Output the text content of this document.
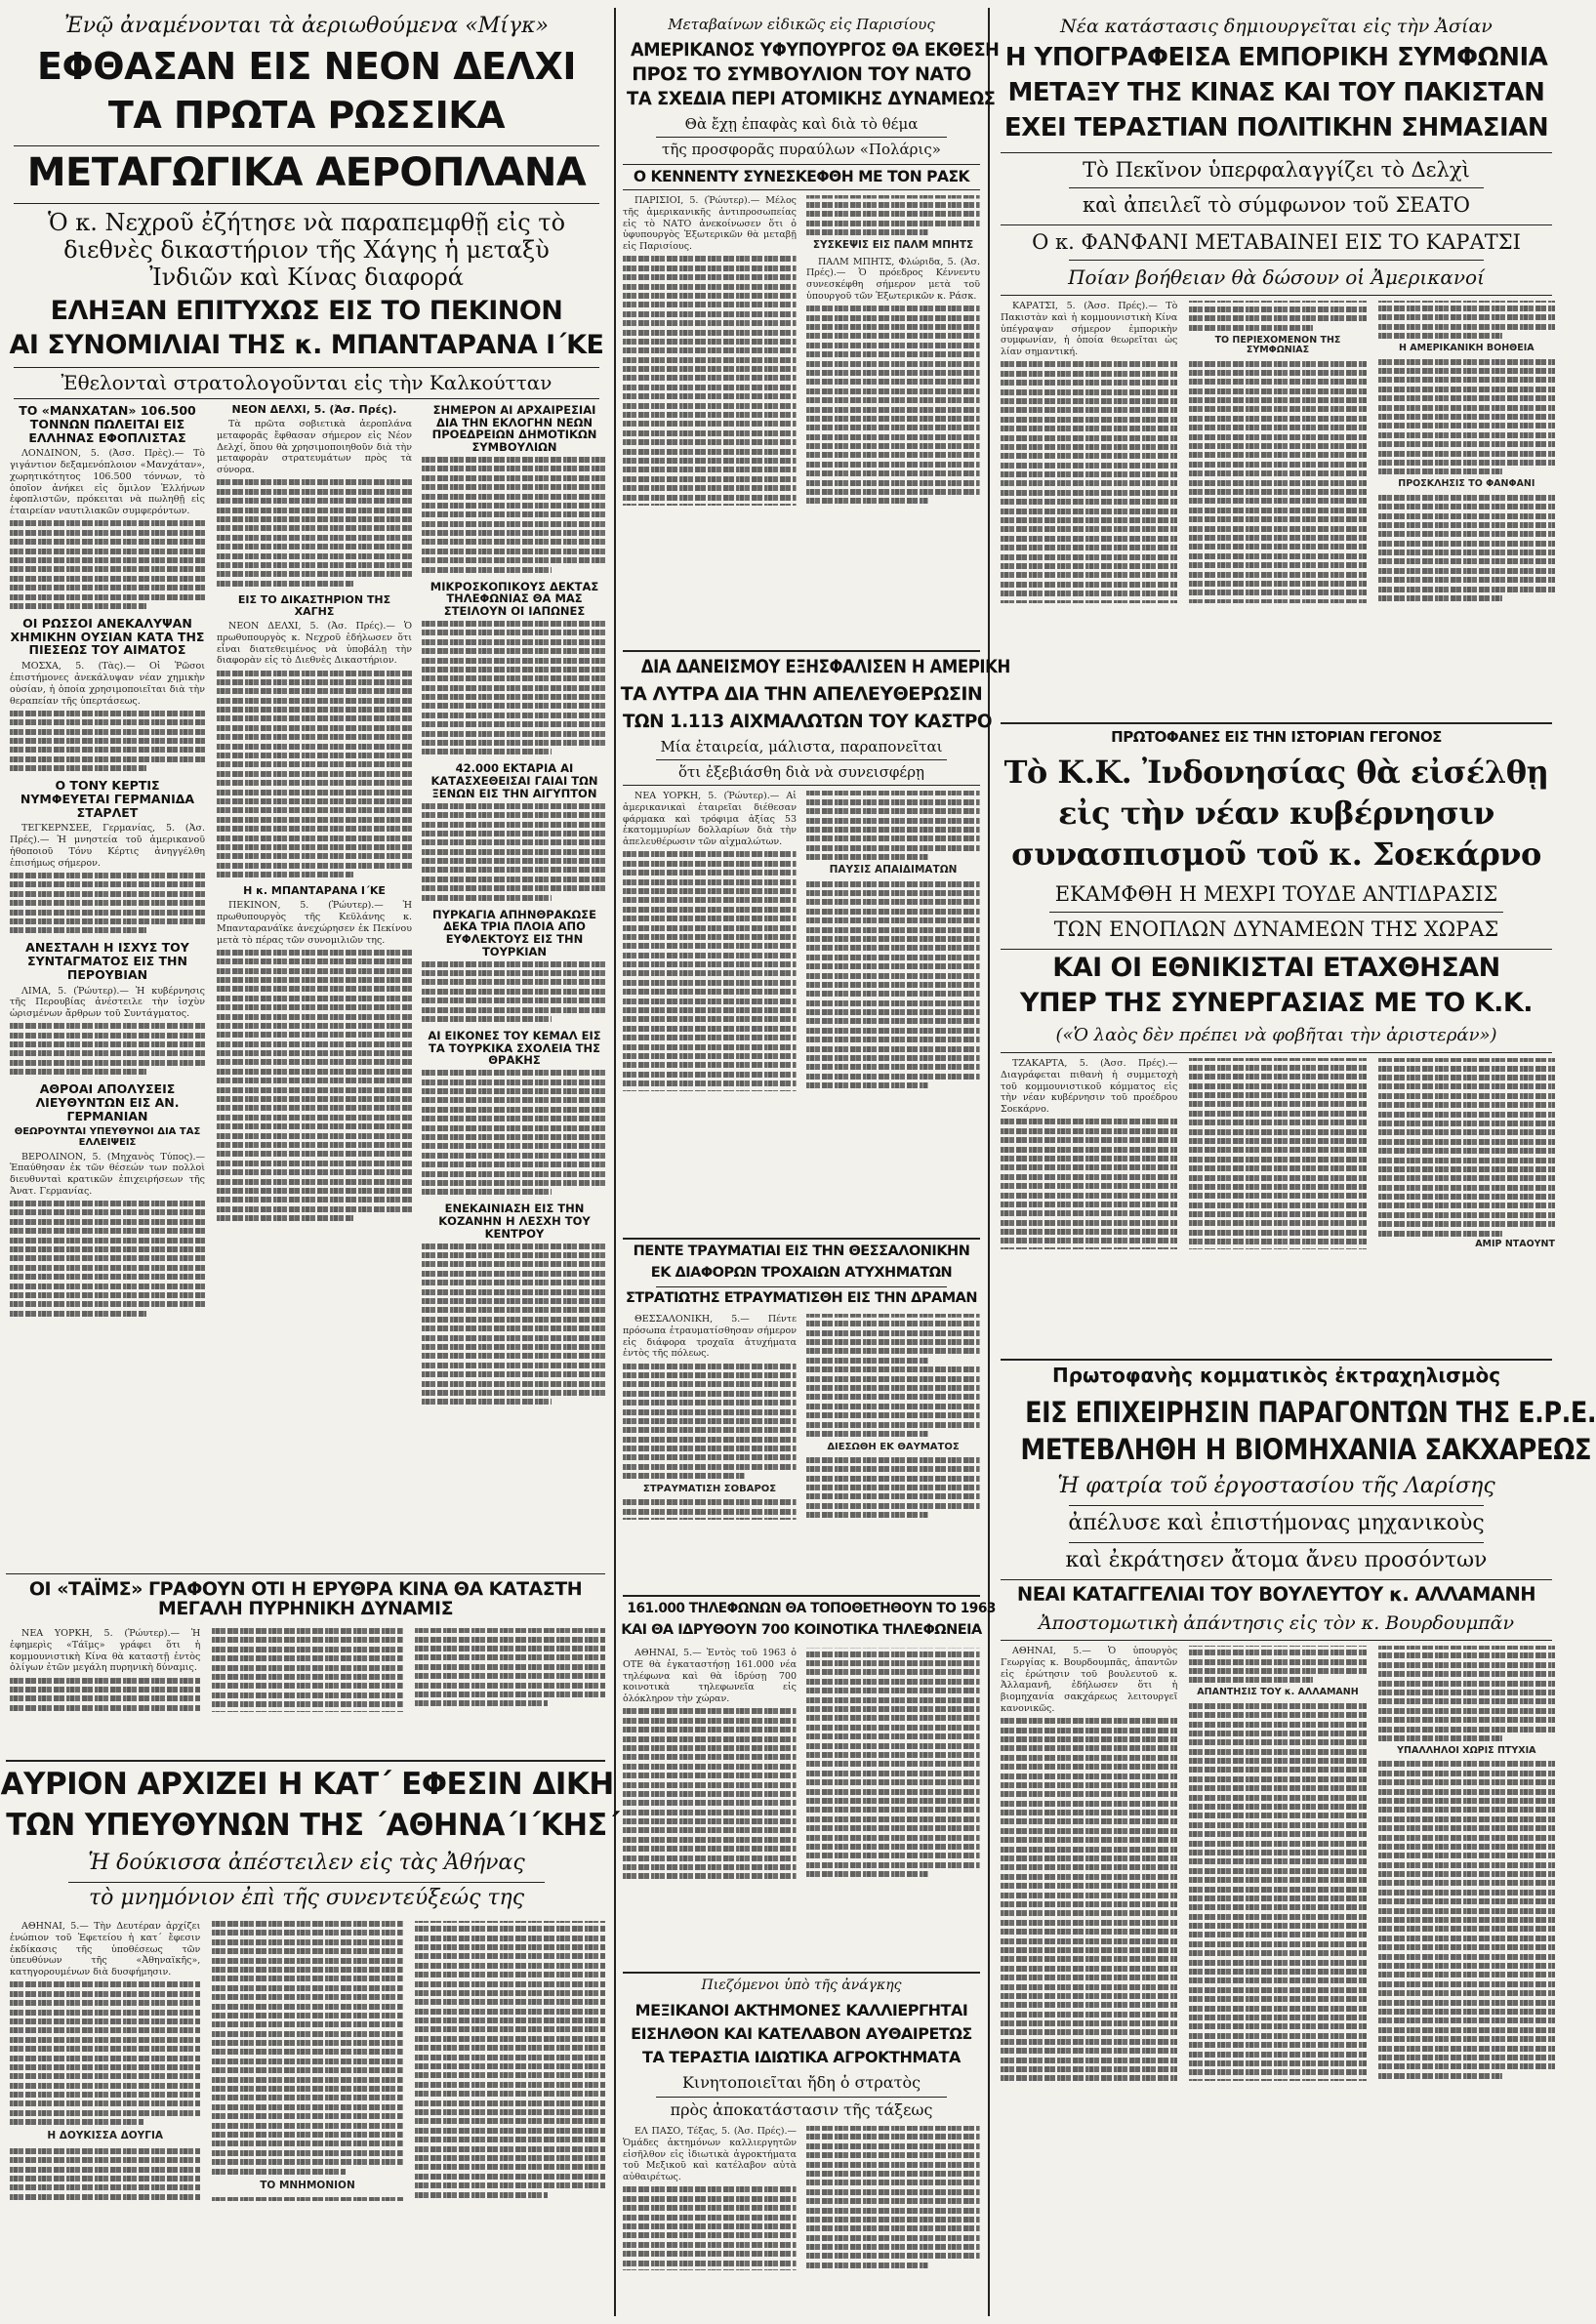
Ἐνῷ ἀναμένονται τὰ ἀεριωθούμενα «Μίγκ»
ΕΦΘΑΣΑΝ ΕΙΣ ΝΕΟΝ ΔΕΛΧΙ
ΤΑ ΠΡΩΤΑ ΡΩΣΣΙΚΑ
ΜΕΤΑΓΩΓΙΚΑ ΑΕΡΟΠΛΑΝΑ
Ὁ κ. Νεχροῦ ἐζήτησε νὰ παραπεμφθῇ εἰς τὸ διεθνὲς δικαστήριον τῆς Χάγης ἡ μεταξὺ Ἰνδιῶν καὶ Κίνας διαφορά
ΕΛΗΞΑΝ ΕΠΙΤΥΧΩΣ ΕΙΣ ΤΟ ΠΕΚΙΝΟΝ
ΑΙ ΣΥΝΟΜΙΛΙΑΙ ΤΗΣ κ. ΜΠΑΝΤΑΡΑΝΑ Ι΄ΚΕ
Ἐθελονταὶ στρατολογοῦνται εἰς τὴν Καλκούτταν
ΤΟ «ΜΑΝΧΑΤΑΝ» 106.500 ΤΟΝΝΩΝ ΠΩΛΕΙΤΑΙ ΕΙΣ ΕΛΛΗΝΑΣ ΕΦΟΠΛΙΣΤΑΣ

ΛΟΝΔΙΝΟΝ, 5. (Ἀσσ. Πρὲς).— Τὸ γιγάντιον δεξαμενόπλοιον «Μανχάταν», χωρητικότητος 106.500 τόννων, τὸ ὁποῖον ἀνήκει εἰς ὅμιλον Ἑλλήνων ἐφοπλιστῶν, πρόκειται νὰ πωληθῇ εἰς ἑταιρείαν ναυτιλιακῶν συμφερόντων.

ΟΙ ΡΩΣΣΟΙ ΑΝΕΚΑΛΥΨΑΝ ΧΗΜΙΚΗΝ ΟΥΣΙΑΝ ΚΑΤΑ ΤΗΣ ΠΙΕΣΕΩΣ ΤΟΥ ΑΙΜΑΤΟΣ

ΜΟΣΧΑ, 5. (Τὰς).— Οἱ Ῥῶσοι ἐπιστήμονες ἀνεκάλυψαν νέαν χημικὴν οὐσίαν, ἡ ὁποία χρησιμοποιεῖται διὰ τὴν θεραπείαν τῆς ὑπερτάσεως.

Ο ΤΟΝΥ ΚΕΡΤΙΣ ΝΥΜΦΕΥΕΤΑΙ ΓΕΡΜΑΝΙΔΑ ΣΤΑΡΛΕΤ

ΤΕΓΚΕΡΝΣΕΕ, Γερμανίας, 5. (Ἀσ. Πρές).— Ἡ μνηστεία τοῦ ἀμερικανοῦ ἠθοποιοῦ Τόνυ Κέρτις ἀνηγγέλθη ἐπισήμως σήμερον.

ΑΝΕΣΤΑΛΗ Η ΙΣΧΥΣ ΤΟΥ ΣΥΝΤΑΓΜΑΤΟΣ ΕΙΣ ΤΗΝ ΠΕΡΟΥΒΙΑΝ

ΛΙΜΑ, 5. (Ῥώυτερ).— Ἡ κυβέρνησις τῆς Περουβίας ἀνέστειλε τὴν ἰσχὺν ὡρισμένων ἄρθρων τοῦ Συντάγματος.

ΑΘΡΟΑΙ ΑΠΟΛΥΣΕΙΣ ΛΙΕΥΘΥΝΤΩΝ ΕΙΣ ΑΝ. ΓΕΡΜΑΝΙΑΝ
ΘΕΩΡΟΥΝΤΑΙ ΥΠΕΥΘΥΝΟΙ ΔΙΑ ΤΑΣ ΕΛΛΕΙΨΕΙΣ

ΒΕΡΟΛΙΝΟΝ, 5. (Μηχανὸς Τύπος).— Ἐπαύθησαν ἐκ τῶν θέσεών των πολλοὶ διευθυνταὶ κρατικῶν ἐπιχειρήσεων τῆς Ἀνατ. Γερμανίας.

ΝΕΟΝ ΔΕΛΧΙ, 5. (Ἀσ. Πρές).

Τὰ πρῶτα σοβιετικὰ ἀεροπλάνα μεταφορᾶς ἔφθασαν σήμερον εἰς Νέον Δελχί, ὅπου θὰ χρησιμοποιηθοῦν διὰ τὴν μεταφορὰν στρατευμάτων πρὸς τὰ σύνορα.

ΕΙΣ ΤΟ ΔΙΚΑΣΤΗΡΙΟΝ ΤΗΣ ΧΑΓΗΣ

ΝΕΟΝ ΔΕΛΧΙ, 5. (Ἀσ. Πρές).— Ὁ πρωθυπουργὸς κ. Νεχροῦ ἐδήλωσεν ὅτι εἶναι διατεθειμένος νὰ ὑποβάλῃ τὴν διαφορὰν εἰς τὸ Διεθνὲς Δικαστήριον.

Η κ. ΜΠΑΝΤΑΡΑΝΑ Ι΄ΚΕ

ΠΕΚΙΝΟΝ, 5. (Ῥώυτερ).— Ἡ πρωθυπουργὸς τῆς Κεϋλάνης κ. Μπανταρανάϊκε ἀνεχώρησεν ἐκ Πεκίνου μετὰ τὸ πέρας τῶν συνομιλιῶν της.

ΣΗΜΕΡΟΝ ΑΙ ΑΡΧΑΙΡΕΣΙΑΙ ΔΙΑ ΤΗΝ ΕΚΛΟΓΗΝ ΝΕΩΝ ΠΡΟΕΔΡΕΙΩΝ ΔΗΜΟΤΙΚΩΝ ΣΥΜΒΟΥΛΙΩΝ
ΜΙΚΡΟΣΚΟΠΙΚΟΥΣ ΔΕΚΤΑΣ ΤΗΛΕΦΩΝΙΑΣ ΘΑ ΜΑΣ ΣΤΕΙΛΟΥΝ ΟΙ ΙΑΠΩΝΕΣ
42.000 ΕΚΤΑΡΙΑ ΑΙ ΚΑΤΑΣΧΕΘΕΙΣΑΙ ΓΑΙΑΙ ΤΩΝ ΞΕΝΩΝ ΕΙΣ ΤΗΝ ΑΙΓΥΠΤΟΝ
ΠΥΡΚΑΓΙΑ ΑΠΗΝΘΡΑΚΩΣΕ ΔΕΚΑ ΤΡΙΑ ΠΛΟΙΑ ΑΠΟ ΕΥΦΛΕΚΤΟΥΣ ΕΙΣ ΤΗΝ ΤΟΥΡΚΙΑΝ
ΑΙ ΕΙΚΟΝΕΣ ΤΟΥ ΚΕΜΑΛ ΕΙΣ ΤΑ ΤΟΥΡΚΙΚΑ ΣΧΟΛΕΙΑ ΤΗΣ ΘΡΑΚΗΣ
ΕΝΕΚΑΙΝΙΑΣΗ ΕΙΣ ΤΗΝ ΚΟΖΑΝΗΝ Η ΛΕΣΧΗ ΤΟΥ ΚΕΝΤΡΟΥ
ΟΙ «ΤΑΪΜΣ» ΓΡΑΦΟΥΝ ΟΤΙ Η ΕΡΥΘΡΑ ΚΙΝΑ ΘΑ ΚΑΤΑΣΤΗ ΜΕΓΑΛΗ ΠΥΡΗΝΙΚΗ ΔΥΝΑΜΙΣ

ΝΕΑ ΥΟΡΚΗ, 5. (Ῥώυτερ).— Ἡ ἐφημερὶς «Τάϊμς» γράφει ὅτι ἡ κομμουνιστικὴ Κίνα θὰ καταστῇ ἐντὸς ὀλίγων ἐτῶν μεγάλη πυρηνικὴ δύναμις.

ΑΥΡΙΟΝ ΑΡΧΙΖΕΙ Η ΚΑΤ΄ ΕΦΕΣΙΝ ΔΙΚΗ
ΤΩΝ ΥΠΕΥΘΥΝΩΝ ΤΗΣ ΄ΑΘΗΝΑ΄Ι΄ΚΗΣ΄
Ἡ δούκισσα ἀπέστειλεν εἰς τὰς Ἀθήνας
τὸ μνημόνιον ἐπὶ τῆς συνεντεύξεώς της

ΑΘΗΝΑΙ, 5.— Τὴν Δευτέραν ἀρχίζει ἐνώπιον τοῦ Ἐφετείου ἡ κατ΄ ἔφεσιν ἐκδίκασις τῆς ὑποθέσεως τῶν ὑπευθύνων τῆς «Ἀθηναϊκῆς», κατηγορουμένων διὰ δυσφήμησιν.

Η ΔΟΥΚΙΣΣΑ ΔΟΥΓΙΑ
ΤΟ ΜΝΗΜΟΝΙΟΝ
Μεταβαίνων εἰδικῶς εἰς Παρισίους
ΑΜΕΡΙΚΑΝΟΣ ΥΦΥΠΟΥΡΓΟΣ ΘΑ ΕΚΘΕΣΗ
ΠΡΟΣ ΤΟ ΣΥΜΒΟΥΛΙΟΝ ΤΟΥ ΝΑΤΟ
ΤΑ ΣΧΕΔΙΑ ΠΕΡΙ ΑΤΟΜΙΚΗΣ ΔΥΝΑΜΕΩΣ
Θὰ ἔχῃ ἐπαφὰς καὶ διὰ τὸ θέμα
τῆς προσφορᾶς πυραύλων «Πολάρις»
Ο ΚΕΝΝΕΝΤΥ ΣΥΝΕΣΚΕΦΘΗ ΜΕ ΤΟΝ ΡΑΣΚ

ΠΑΡΙΣΙΟΙ, 5. (Ῥώυτερ).— Μέλος τῆς ἀμερικανικῆς ἀντιπροσωπείας εἰς τὸ ΝΑΤΟ ἀνεκοίνωσεν ὅτι ὁ ὑφυπουργὸς Ἐξωτερικῶν θὰ μεταβῇ εἰς Παρισίους.	ΣΥΣΚΕΨΙΣ ΕΙΣ ΠΑΛΜ ΜΠΗΤΣ

ΠΑΛΜ ΜΠΗΤΣ, Φλώριδα, 5. (Ἀσ. Πρές).— Ὁ πρόεδρος Κέννεντυ συνεσκέφθη σήμερον μετὰ τοῦ ὑπουργοῦ τῶν Ἐξωτερικῶν κ. Ράσκ.

ΔΙΑ ΔΑΝΕΙΣΜΟΥ ΕΞΗΣΦΑΛΙΣΕΝ Η ΑΜΕΡΙΚΗ
ΤΑ ΛΥΤΡΑ ΔΙΑ ΤΗΝ ΑΠΕΛΕΥΘΕΡΩΣΙΝ
ΤΩΝ 1.113 ΑΙΧΜΑΛΩΤΩΝ ΤΟΥ ΚΑΣΤΡΟ
Μία ἑταιρεία, μάλιστα, παραπονεῖται
ὅτι ἐξεβιάσθη διὰ νὰ συνεισφέρῃ

ΝΕΑ ΥΟΡΚΗ, 5. (Ῥώυτερ).— Αἱ ἀμερικανικαὶ ἑταιρεῖαι διέθεσαν φάρμακα καὶ τρόφιμα ἀξίας 53 ἑκατομμυρίων δολλαρίων διὰ τὴν ἀπελευθέρωσιν τῶν αἰχμαλώτων.

ΠΑΥΣΙΣ ΑΠΑΙΔΙΜΑΤΩΝ
ΠΕΝΤΕ ΤΡΑΥΜΑΤΙΑΙ ΕΙΣ ΤΗΝ ΘΕΣΣΑΛΟΝΙΚΗΝ
ΕΚ ΔΙΑΦΟΡΩΝ ΤΡΟΧΑΙΩΝ ΑΤΥΧΗΜΑΤΩΝ
ΣΤΡΑΤΙΩΤΗΣ ΕΤΡΑΥΜΑΤΙΣΘΗ ΕΙΣ ΤΗΝ ΔΡΑΜΑΝ

ΘΕΣΣΑΛΟΝΙΚΗ, 5.— Πέντε πρόσωπα ἐτραυματίσθησαν σήμερον εἰς διάφορα τροχαῖα ἀτυχήματα ἐντὸς τῆς πόλεως.

ΣΤΡΑΥΜΑΤΙΣΗ ΣΟΒΑΡΟΣ
ΔΙΕΣΩΘΗ ΕΚ ΘΑΥΜΑΤΟΣ
161.000 ΤΗΛΕΦΩΝΩΝ ΘΑ ΤΟΠΟΘΕΤΗΘΟΥΝ ΤΟ 1963
ΚΑΙ ΘΑ ΙΔΡΥΘΟΥΝ 700 ΚΟΙΝΟΤΙΚΑ ΤΗΛΕΦΩΝΕΙΑ

ΑΘΗΝΑΙ, 5.— Ἐντὸς τοῦ 1963 ὁ ΟΤΕ θὰ ἐγκαταστήσῃ 161.000 νέα τηλέφωνα καὶ θὰ ἱδρύσῃ 700 κοινοτικὰ τηλεφωνεῖα εἰς ὁλόκληρον τὴν χώραν.

Πιεζόμενοι ὑπὸ τῆς ἀνάγκης
ΜΕΞΙΚΑΝΟΙ ΑΚΤΗΜΟΝΕΣ ΚΑΛΛΙΕΡΓΗΤΑΙ
ΕΙΣΗΛΘΟΝ ΚΑΙ ΚΑΤΕΛΑΒΟΝ ΑΥΘΑΙΡΕΤΩΣ
ΤΑ ΤΕΡΑΣΤΙΑ ΙΔΙΩΤΙΚΑ ΑΓΡΟΚΤΗΜΑΤΑ
Κινητοποιεῖται ἤδη ὁ στρατὸς
πρὸς ἀποκατάστασιν τῆς τάξεως

ΕΛ ΠΑΣΟ, Τέξας, 5. (Ἀσ. Πρές).— Ὁμάδες ἀκτημόνων καλλιεργητῶν εἰσῆλθον εἰς ἰδιωτικὰ ἀγροκτήματα τοῦ Μεξικοῦ καὶ κατέλαβον αὐτὰ αὐθαιρέτως.

Νέα κατάστασις δημιουργεῖται εἰς τὴν Ἀσίαν
Η ΥΠΟΓΡΑΦΕΙΣΑ ΕΜΠΟΡΙΚΗ ΣΥΜΦΩΝΙΑ
ΜΕΤΑΞΥ ΤΗΣ ΚΙΝΑΣ ΚΑΙ ΤΟΥ ΠΑΚΙΣΤΑΝ
ΕΧΕΙ ΤΕΡΑΣΤΙΑΝ ΠΟΛΙΤΙΚΗΝ ΣΗΜΑΣΙΑΝ
Τὸ Πεκῖνον ὑπερφαλαγγίζει τὸ Δελχὶ
καὶ ἀπειλεῖ τὸ σύμφωνον τοῦ ΣΕΑΤΟ
Ο κ. ΦΑΝΦΑΝΙ ΜΕΤΑΒΑΙΝΕΙ ΕΙΣ ΤΟ ΚΑΡΑΤΣΙ
Ποίαν βοήθειαν θὰ δώσουν οἱ Ἀμερικανοί

ΚΑΡΑΤΣΙ, 5. (Ἀσσ. Πρές).— Τὸ Πακιστὰν καὶ ἡ κομμουνιστικὴ Κίνα ὑπέγραψαν σήμερον ἐμπορικὴν συμφωνίαν, ἡ ὁποία θεωρεῖται ὡς λίαν σημαντική.

ΤΟ ΠΕΡΙΕΧΟΜΕΝΟΝ ΤΗΣ ΣΥΜΦΩΝΙΑΣ	Η ΑΜΕΡΙΚΑΝΙΚΗ ΒΟΗΘΕΙΑ
ΠΡΟΣΚΛΗΣΙΣ ΤΟ ΦΑΝΦΑΝΙ
ΠΡΩΤΟΦΑΝΕΣ ΕΙΣ ΤΗΝ ΙΣΤΟΡΙΑΝ ΓΕΓΟΝΟΣ
Τὸ Κ.Κ. Ἰνδονησίας θὰ εἰσέλθῃ
εἰς τὴν νέαν κυβέρνησιν
συνασπισμοῦ τοῦ κ. Σοεκάρνο
ΕΚΑΜΦΘΗ Η ΜΕΧΡΙ ΤΟΥΔΕ ΑΝΤΙΔΡΑΣΙΣ
ΤΩΝ ΕΝΟΠΛΩΝ ΔΥΝΑΜΕΩΝ ΤΗΣ ΧΩΡΑΣ
ΚΑΙ ΟΙ ΕΘΝΙΚΙΣΤΑΙ ΕΤΑΧΘΗΣΑΝ
ΥΠΕΡ ΤΗΣ ΣΥΝΕΡΓΑΣΙΑΣ ΜΕ ΤΟ Κ.Κ.
(«Ὁ λαὸς δὲν πρέπει νὰ φοβῆται τὴν ἀριστεράν»)

ΤΖΑΚΑΡΤΑ, 5. (Ἀσσ. Πρές).— Διαγράφεται πιθανὴ ἡ συμμετοχὴ τοῦ κομμουνιστικοῦ κόμματος εἰς τὴν νέαν κυβέρνησιν τοῦ προέδρου Σοεκάρνο.

ΑΜΙΡ ΝΤΑΟΥΝΤ
Πρωτοφανὴς κομματικὸς ἐκτραχηλισμὸς
ΕΙΣ ΕΠΙΧΕΙΡΗΣΙΝ ΠΑΡΑΓΟΝΤΩΝ ΤΗΣ Ε.Ρ.Ε.
ΜΕΤΕΒΛΗΘΗ Η ΒΙΟΜΗΧΑΝΙΑ ΣΑΚΧΑΡΕΩΣ
Ἡ φατρία τοῦ ἐργοστασίου τῆς Λαρίσης
ἀπέλυσε καὶ ἐπιστήμονας μηχανικοὺς
καὶ ἐκράτησεν ἄτομα ἄνευ προσόντων
ΝΕΑΙ ΚΑΤΑΓΓΕΛΙΑΙ ΤΟΥ ΒΟΥΛΕΥΤΟΥ κ. ΑΛΛΑΜΑΝΗ
Ἀποστομωτικὴ ἀπάντησις εἰς τὸν κ. Βουρδουμπᾶν

ΑΘΗΝΑΙ, 5.— Ὁ ὑπουργὸς Γεωργίας κ. Βουρδουμπᾶς, ἀπαντῶν εἰς ἐρώτησιν τοῦ βουλευτοῦ κ. Ἀλλαμανῆ, ἐδήλωσεν ὅτι ἡ βιομηχανία σακχάρεως λειτουργεῖ κανονικῶς.

ΑΠΑΝΤΗΣΙΣ ΤΟΥ κ. ΑΛΛΑΜΑΝΗ
ΥΠΑΛΛΗΛΟΙ ΧΩΡΙΣ ΠΤΥΧΙΑ
